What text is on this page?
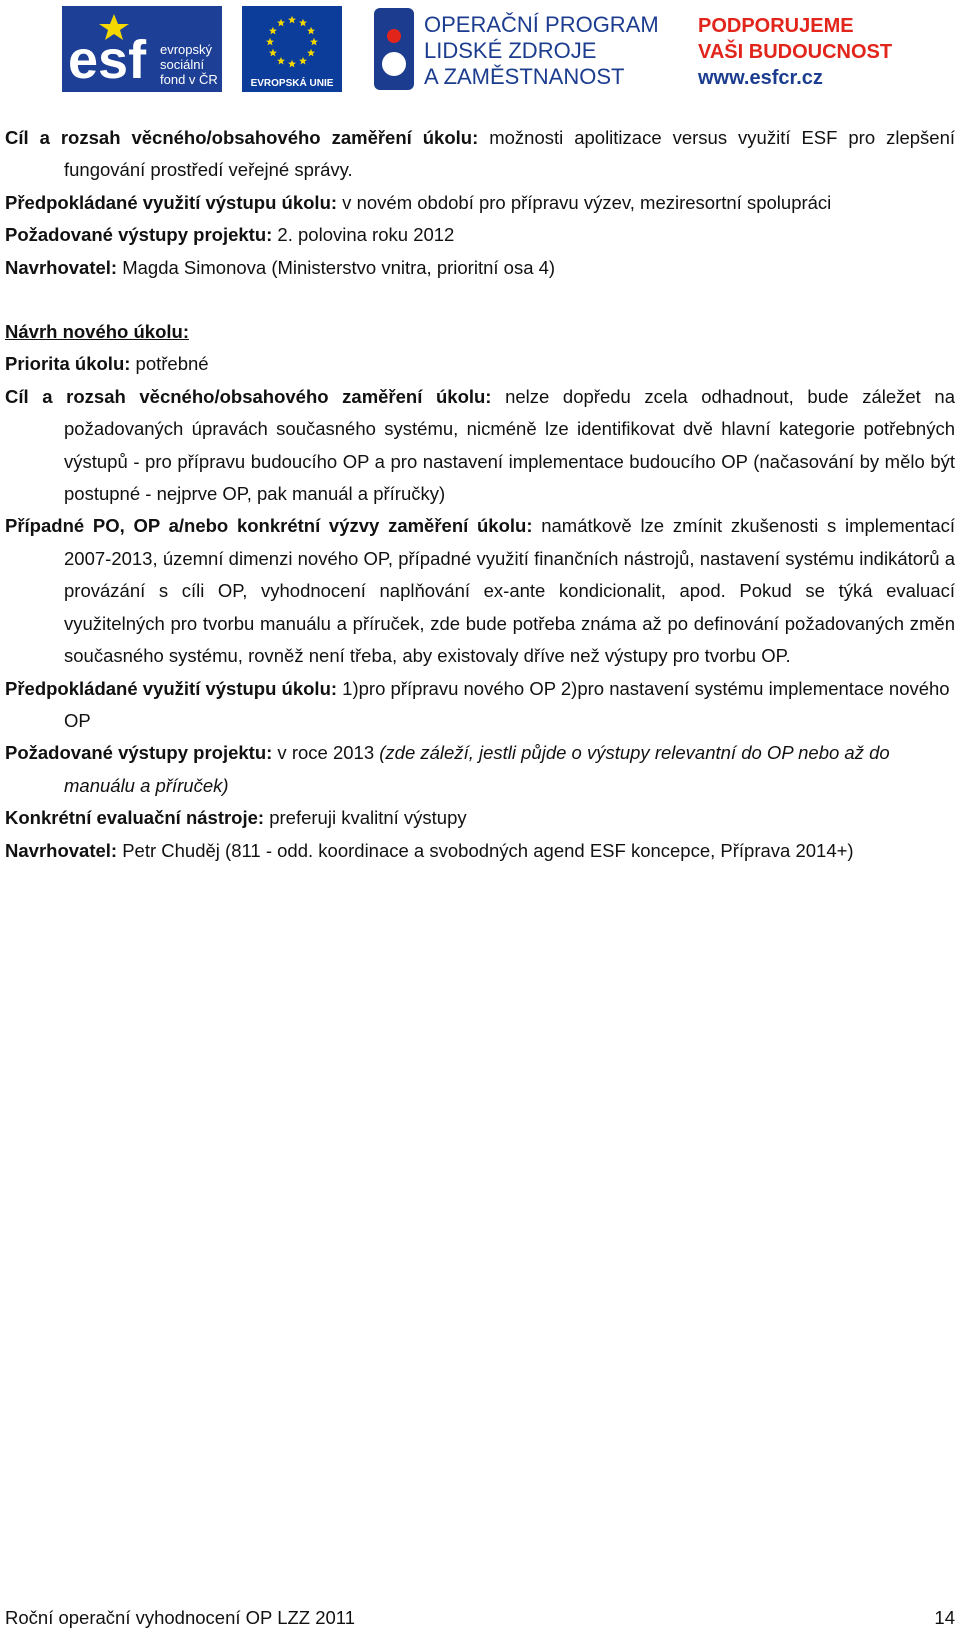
esf evropský
sociální
fond v ČR	EVROPSKÁ UNIE
OPERAČNÍ PROGRAM
LIDSKÉ ZDROJE
A ZAMĚSTNANOST
PODPORUJEME
VAŠI BUDOUCNOST
www.esfcr.cz

Cíl a rozsah věcného/obsahového zaměření úkolu: možnosti apolitizace versus využití ESF pro zlepšení fungování prostředí veřejné správy.

Předpokládané využití výstupu úkolu: v novém období pro přípravu výzev, meziresortní spolupráci

Požadované výstupy projektu: 2. polovina roku 2012

Navrhovatel: Magda Simonova (Ministerstvo vnitra, prioritní osa 4)

Návrh nového úkolu:

Priorita úkolu: potřebné

Cíl a rozsah věcného/obsahového zaměření úkolu: nelze dopředu zcela odhadnout, bude záležet na požadovaných úpravách současného systému, nicméně lze identifikovat dvě hlavní kategorie potřebných výstupů - pro přípravu budoucího OP a pro nastavení implementace budoucího OP (načasování by mělo být postupné - nejprve OP, pak manuál a příručky)

Případné PO, OP a/nebo konkrétní výzvy zaměření úkolu: namátkově lze zmínit zkušenosti s implementací 2007-2013, územní dimenzi nového OP, případné využití finančních nástrojů, nastavení systému indikátorů a provázání s cíli OP, vyhodnocení naplňování ex-ante kondicionalit, apod. Pokud se týká evaluací využitelných pro tvorbu manuálu a příruček, zde bude potřeba známa až po definování požadovaných změn současného systému, rovněž není třeba, aby existovaly dříve než výstupy pro tvorbu OP.

Předpokládané využití výstupu úkolu: 1)pro přípravu nového OP 2)pro nastavení systému implementace nového OP

Požadované výstupy projektu: v roce 2013 (zde záleží, jestli půjde o výstupy relevantní do OP nebo až do manuálu a příruček)

Konkrétní evaluační nástroje: preferuji kvalitní výstupy

Navrhovatel: Petr Chuděj (811 - odd. koordinace a svobodných agend ESF koncepce, Příprava 2014+)

Roční operační vyhodnocení OP LZZ 2011	14
